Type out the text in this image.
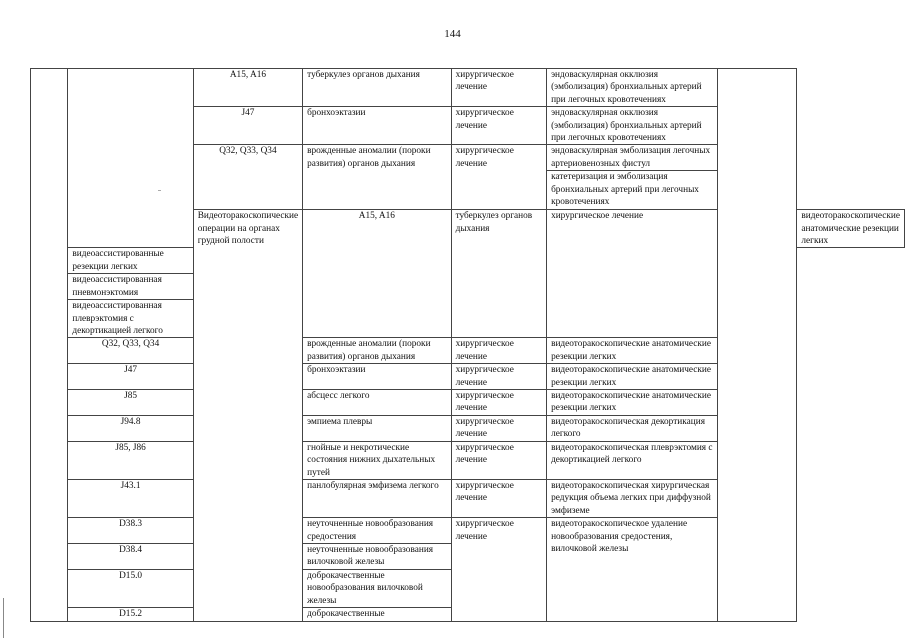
144
		A15, A16	туберкулез органов дыхания	хирургическое лечение	эндоваскулярная окклюзия (эмболизация) бронхиальных артерий при легочных кровотечениях		
		J47	бронхоэктазии	хирургическое лечение	эндоваскулярная окклюзия (эмболизация) бронхиальных артерий при легочных кровотечениях		
		Q32, Q33, Q34	врожденные аномалии (пороки развития) органов дыхания	хирургическое лечение	эндоваскулярная эмболизация легочных артериовенозных фистул		
					катетеризация и эмболизация бронхиальных артерий при легочных кровотечениях		
		Видеоторакоскопические операции на органах грудной полости	A15, A16	туберкулез органов дыхания	хирургическое лечение		видеоторакоскопические анатомические резекции легких
	видеоассистированные резекции легких						
	видеоассистированная пневмонэктомия						
	видеоассистированная плеврэктомия с декортикацией легкого						
	Q32, Q33, Q34		врожденные аномалии (пороки развития) органов дыхания	хирургическое лечение	видеоторакоскопические анатомические резекции легких		
	J47		бронхоэктазии	хирургическое лечение	видеоторакоскопические анатомические резекции легких		
	J85		абсцесс легкого	хирургическое лечение	видеоторакоскопические анатомические резекции легких		
	J94.8		эмпиема плевры	хирургическое лечение	видеоторакоскопическая декортикация легкого		
	J85, J86		гнойные и некротические состояния нижних дыхательных путей	хирургическое лечение	видеоторакоскопическая плеврэктомия с декортикацией легкого		
	J43.1		панлобулярная эмфизема легкого	хирургическое лечение	видеоторакоскопическая хирургическая редукция объема легких при диффузной эмфиземе		
	D38.3		неуточненные новообразования средостения	хирургическое лечение	видеоторакоскопическое удаление новообразования средостения, вилочковой железы		
	D38.4		неуточненные новообразования вилочковой железы				
	D15.0		доброкачественные новообразования вилочковой железы				
	D15.2		доброкачественные				
